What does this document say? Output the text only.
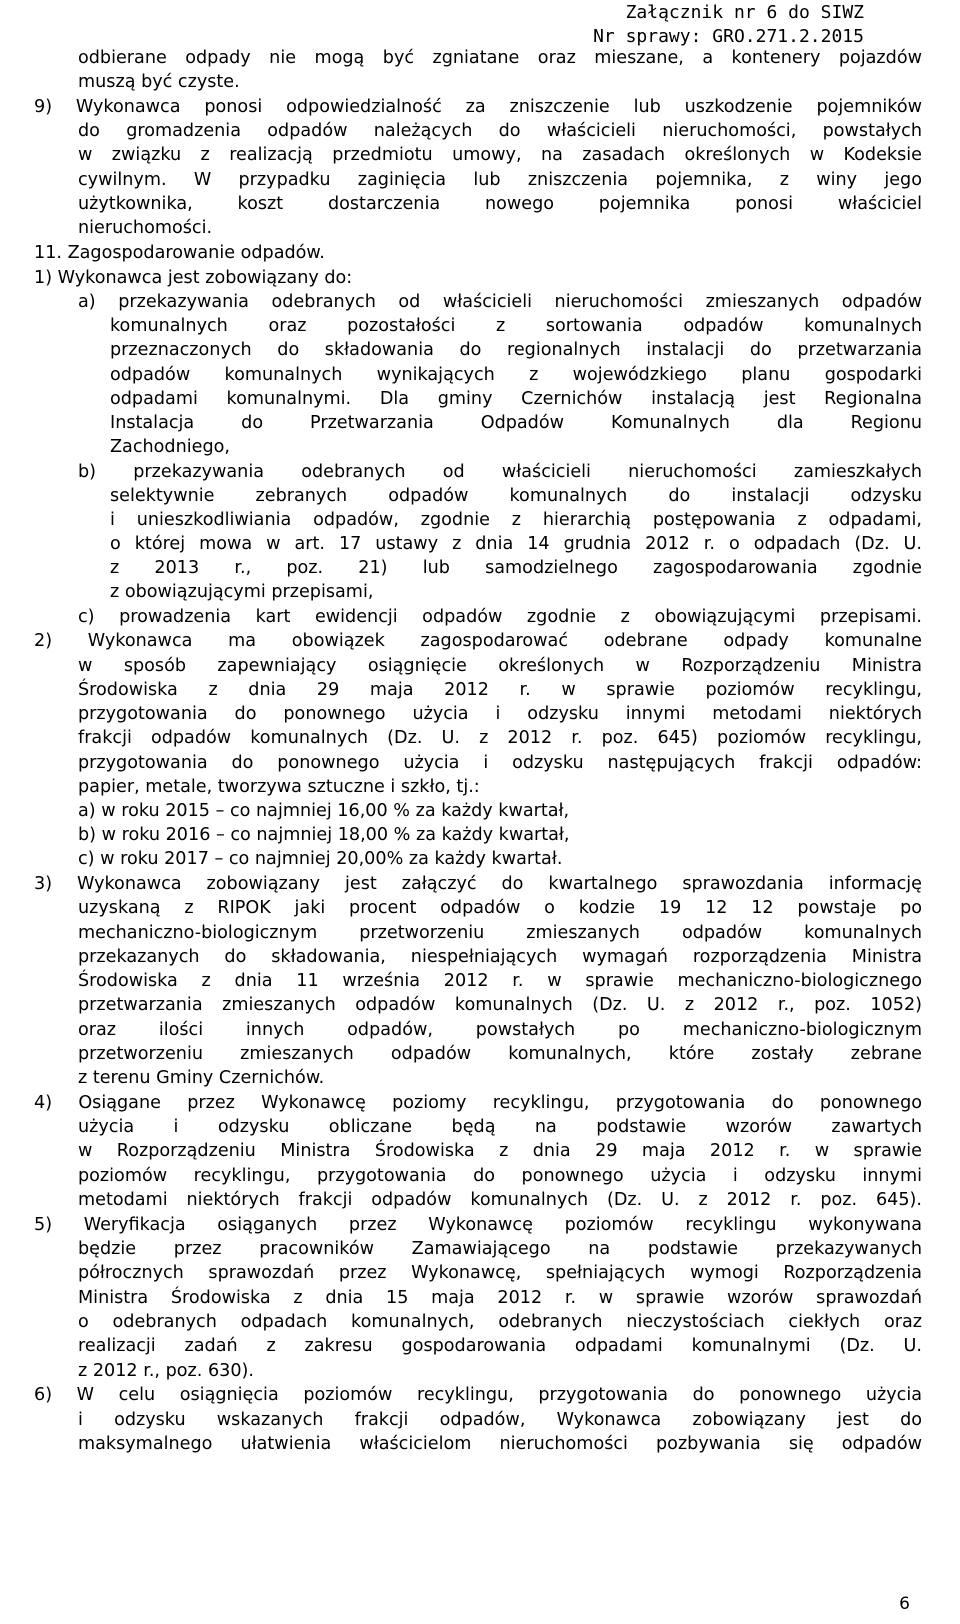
Załącznik nr 6 do SIWZ
Nr sprawy: GRO.271.2.2015
odbierane odpady nie mogą być zgniatane oraz mieszane, a kontenery pojazdów
muszą być czyste.
9) Wykonawca ponosi odpowiedzialność za zniszczenie lub uszkodzenie pojemników
do gromadzenia odpadów należących do właścicieli nieruchomości, powstałych
w związku z realizacją przedmiotu umowy, na zasadach określonych w Kodeksie
cywilnym. W przypadku zaginięcia lub zniszczenia pojemnika, z winy jego
użytkownika, koszt dostarczenia nowego pojemnika ponosi właściciel
nieruchomości.
11. Zagospodarowanie odpadów.
1) Wykonawca jest zobowiązany do:
a) przekazywania odebranych od właścicieli nieruchomości zmieszanych odpadów
komunalnych oraz pozostałości z sortowania odpadów komunalnych
przeznaczonych do składowania do regionalnych instalacji do przetwarzania
odpadów komunalnych wynikających z wojewódzkiego planu gospodarki
odpadami komunalnymi. Dla gminy Czernichów instalacją jest Regionalna
Instalacja do Przetwarzania Odpadów Komunalnych dla Regionu
Zachodniego,
b) przekazywania odebranych od właścicieli nieruchomości zamieszkałych
selektywnie zebranych odpadów komunalnych do instalacji odzysku
i unieszkodliwiania odpadów, zgodnie z hierarchią postępowania z odpadami,
o której mowa w art. 17 ustawy z dnia 14 grudnia 2012 r. o odpadach (Dz. U.
z 2013 r., poz. 21) lub samodzielnego zagospodarowania zgodnie
z obowiązującymi przepisami,
c) prowadzenia kart ewidencji odpadów zgodnie z obowiązującymi przepisami.
2) Wykonawca ma obowiązek zagospodarować odebrane odpady komunalne
w sposób zapewniający osiągnięcie określonych w Rozporządzeniu Ministra
Środowiska z dnia 29 maja 2012 r. w sprawie poziomów recyklingu,
przygotowania do ponownego użycia i odzysku innymi metodami niektórych
frakcji odpadów komunalnych (Dz. U. z 2012 r. poz. 645) poziomów recyklingu,
przygotowania do ponownego użycia i odzysku następujących frakcji odpadów:
papier, metale, tworzywa sztuczne i szkło, tj.:
a) w roku 2015 – co najmniej 16,00 % za każdy kwartał,
b) w roku 2016 – co najmniej 18,00 % za każdy kwartał,
c) w roku 2017 – co najmniej 20,00% za każdy kwartał.
3) Wykonawca zobowiązany jest załączyć do kwartalnego sprawozdania informację
uzyskaną z RIPOK jaki procent odpadów o kodzie 19 12 12 powstaje po
mechaniczno-biologicznym przetworzeniu zmieszanych odpadów komunalnych
przekazanych do składowania, niespełniających wymagań rozporządzenia Ministra
Środowiska z dnia 11 września 2012 r. w sprawie mechaniczno-biologicznego
przetwarzania zmieszanych odpadów komunalnych (Dz. U. z 2012 r., poz. 1052)
oraz ilości innych odpadów, powstałych po mechaniczno-biologicznym
przetworzeniu zmieszanych odpadów komunalnych, które zostały zebrane
z terenu Gminy Czernichów.
4) Osiągane przez Wykonawcę poziomy recyklingu, przygotowania do ponownego
użycia i odzysku obliczane będą na podstawie wzorów zawartych
w Rozporządzeniu Ministra Środowiska z dnia 29 maja 2012 r. w sprawie
poziomów recyklingu, przygotowania do ponownego użycia i odzysku innymi
metodami niektórych frakcji odpadów komunalnych (Dz. U. z 2012 r. poz. 645).
5) Weryfikacja osiąganych przez Wykonawcę poziomów recyklingu wykonywana
będzie przez pracowników Zamawiającego na podstawie przekazywanych
półrocznych sprawozdań przez Wykonawcę, spełniających wymogi Rozporządzenia
Ministra Środowiska z dnia 15 maja 2012 r. w sprawie wzorów sprawozdań
o odebranych odpadach komunalnych, odebranych nieczystościach ciekłych oraz
realizacji zadań z zakresu gospodarowania odpadami komunalnymi (Dz. U.
z 2012 r., poz. 630).
6) W celu osiągnięcia poziomów recyklingu, przygotowania do ponownego użycia
i odzysku wskazanych frakcji odpadów, Wykonawca zobowiązany jest do
maksymalnego ułatwienia właścicielom nieruchomości pozbywania się odpadów
6
